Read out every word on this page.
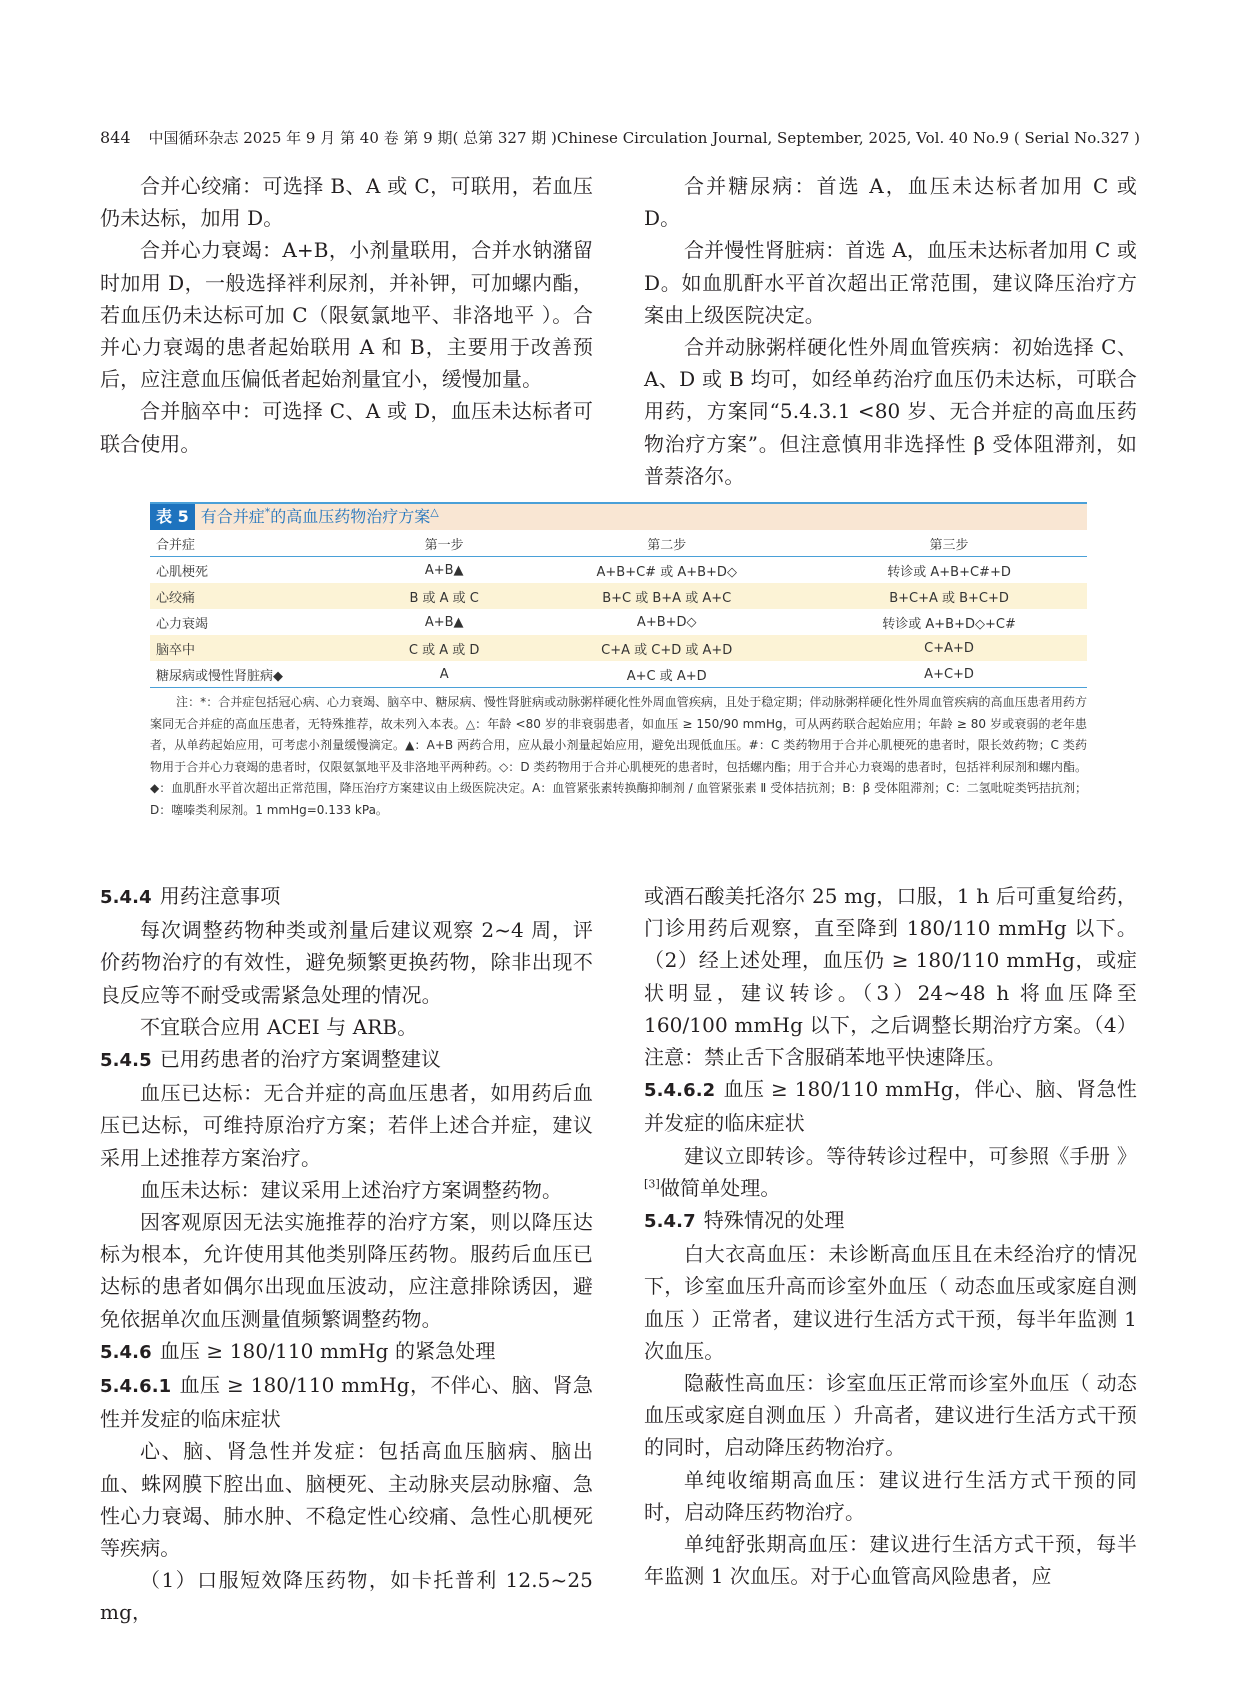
844 中国循环杂志 2025 年 9 月 第 40 卷 第 9 期( 总第 327 期 )Chinese Circulation Journal, September, 2025, Vol. 40 No.9 ( Serial No.327 )

合并心绞痛：可选择 B、A 或 C，可联用，若血压仍未达标，加用 D。

合并心力衰竭：A+B，小剂量联用，合并水钠潴留时加用 D，一般选择袢利尿剂，并补钾，可加螺内酯，若血压仍未达标可加 C（限氨氯地平、非洛地平 ）。合并心力衰竭的患者起始联用 A 和 B，主要用于改善预后，应注意血压偏低者起始剂量宜小，缓慢加量。

合并脑卒中：可选择 C、A 或 D，血压未达标者可联合使用。

合并糖尿病：首选 A，血压未达标者加用 C 或 D。

合并慢性肾脏病：首选 A，血压未达标者加用 C 或 D。如血肌酐水平首次超出正常范围，建议降压治疗方案由上级医院决定。

合并动脉粥样硬化性外周血管疾病：初始选择 C、A、D 或 B 均可，如经单药治疗血压仍未达标，可联合用药，方案同“5.4.3.1 <80 岁、无合并症的高血压药物治疗方案”。但注意慎用非选择性 β 受体阻滞剂，如普萘洛尔。

表 5 有合并症*的高血压药物治疗方案△
合并症	第一步	第二步	第三步
心肌梗死	A+B▲	A+B+C# 或 A+B+D◇	转诊或 A+B+C#+D
心绞痛	B 或 A 或 C	B+C 或 B+A 或 A+C	B+C+A 或 B+C+D
心力衰竭	A+B▲	A+B+D◇	转诊或 A+B+D◇+C#
脑卒中	C 或 A 或 D	C+A 或 C+D 或 A+D	C+A+D
糖尿病或慢性肾脏病◆	A	A+C 或 A+D	A+C+D
注：*：合并症包括冠心病、心力衰竭、脑卒中、糖尿病、慢性肾脏病或动脉粥样硬化性外周血管疾病，且处于稳定期；伴动脉粥样硬化性外周血管疾病的高血压患者用药方案同无合并症的高血压患者，无特殊推荐，故未列入本表。△：年龄 <80 岁的非衰弱患者，如血压 ≥ 150/90 mmHg，可从两药联合起始应用；年龄 ≥ 80 岁或衰弱的老年患者，从单药起始应用，可考虑小剂量缓慢滴定。▲：A+B 两药合用，应从最小剂量起始应用，避免出现低血压。#：C 类药物用于合并心肌梗死的患者时，限长效药物；C 类药物用于合并心力衰竭的患者时，仅限氨氯地平及非洛地平两种药。◇：D 类药物用于合并心肌梗死的患者时，包括螺内酯；用于合并心力衰竭的患者时，包括袢利尿剂和螺内酯。◆：血肌酐水平首次超出正常范围，降压治疗方案建议由上级医院决定。A：血管紧张素转换酶抑制剂 / 血管紧张素 Ⅱ 受体拮抗剂；B：β 受体阻滞剂；C：二氢吡啶类钙拮抗剂；D：噻嗪类利尿剂。1 mmHg=0.133 kPa。

5.4.4 用药注意事项

每次调整药物种类或剂量后建议观察 2~4 周，评价药物治疗的有效性，避免频繁更换药物，除非出现不良反应等不耐受或需紧急处理的情况。

不宜联合应用 ACEI 与 ARB。

5.4.5 已用药患者的治疗方案调整建议

血压已达标：无合并症的高血压患者，如用药后血压已达标，可维持原治疗方案；若伴上述合并症，建议采用上述推荐方案治疗。

血压未达标：建议采用上述治疗方案调整药物。

因客观原因无法实施推荐的治疗方案，则以降压达标为根本，允许使用其他类别降压药物。服药后血压已达标的患者如偶尔出现血压波动，应注意排除诱因，避免依据单次血压测量值频繁调整药物。

5.4.6 血压 ≥ 180/110 mmHg 的紧急处理

5.4.6.1 血压 ≥ 180/110 mmHg，不伴心、脑、肾急性并发症的临床症状

心、脑、肾急性并发症：包括高血压脑病、脑出血、蛛网膜下腔出血、脑梗死、主动脉夹层动脉瘤、急性心力衰竭、肺水肿、不稳定性心绞痛、急性心肌梗死等疾病。

（1）口服短效降压药物，如卡托普利 12.5~25 mg，

或酒石酸美托洛尔 25 mg，口服，1 h 后可重复给药，门诊用药后观察，直至降到 180/110 mmHg 以下。（2）经上述处理，血压仍 ≥ 180/110 mmHg，或症状明显，建议转诊。（3）24~48 h 将血压降至 160/100 mmHg 以下，之后调整长期治疗方案。（4）注意：禁止舌下含服硝苯地平快速降压。

5.4.6.2 血压 ≥ 180/110 mmHg，伴心、脑、肾急性并发症的临床症状

建议立即转诊。等待转诊过程中，可参照《手册 》[3]做简单处理。

5.4.7 特殊情况的处理

白大衣高血压：未诊断高血压且在未经治疗的情况下，诊室血压升高而诊室外血压（ 动态血压或家庭自测血压 ）正常者，建议进行生活方式干预，每半年监测 1 次血压。

隐蔽性高血压：诊室血压正常而诊室外血压（ 动态血压或家庭自测血压 ）升高者，建议进行生活方式干预的同时，启动降压药物治疗。

单纯收缩期高血压：建议进行生活方式干预的同时，启动降压药物治疗。

单纯舒张期高血压：建议进行生活方式干预，每半年监测 1 次血压。对于心血管高风险患者，应
